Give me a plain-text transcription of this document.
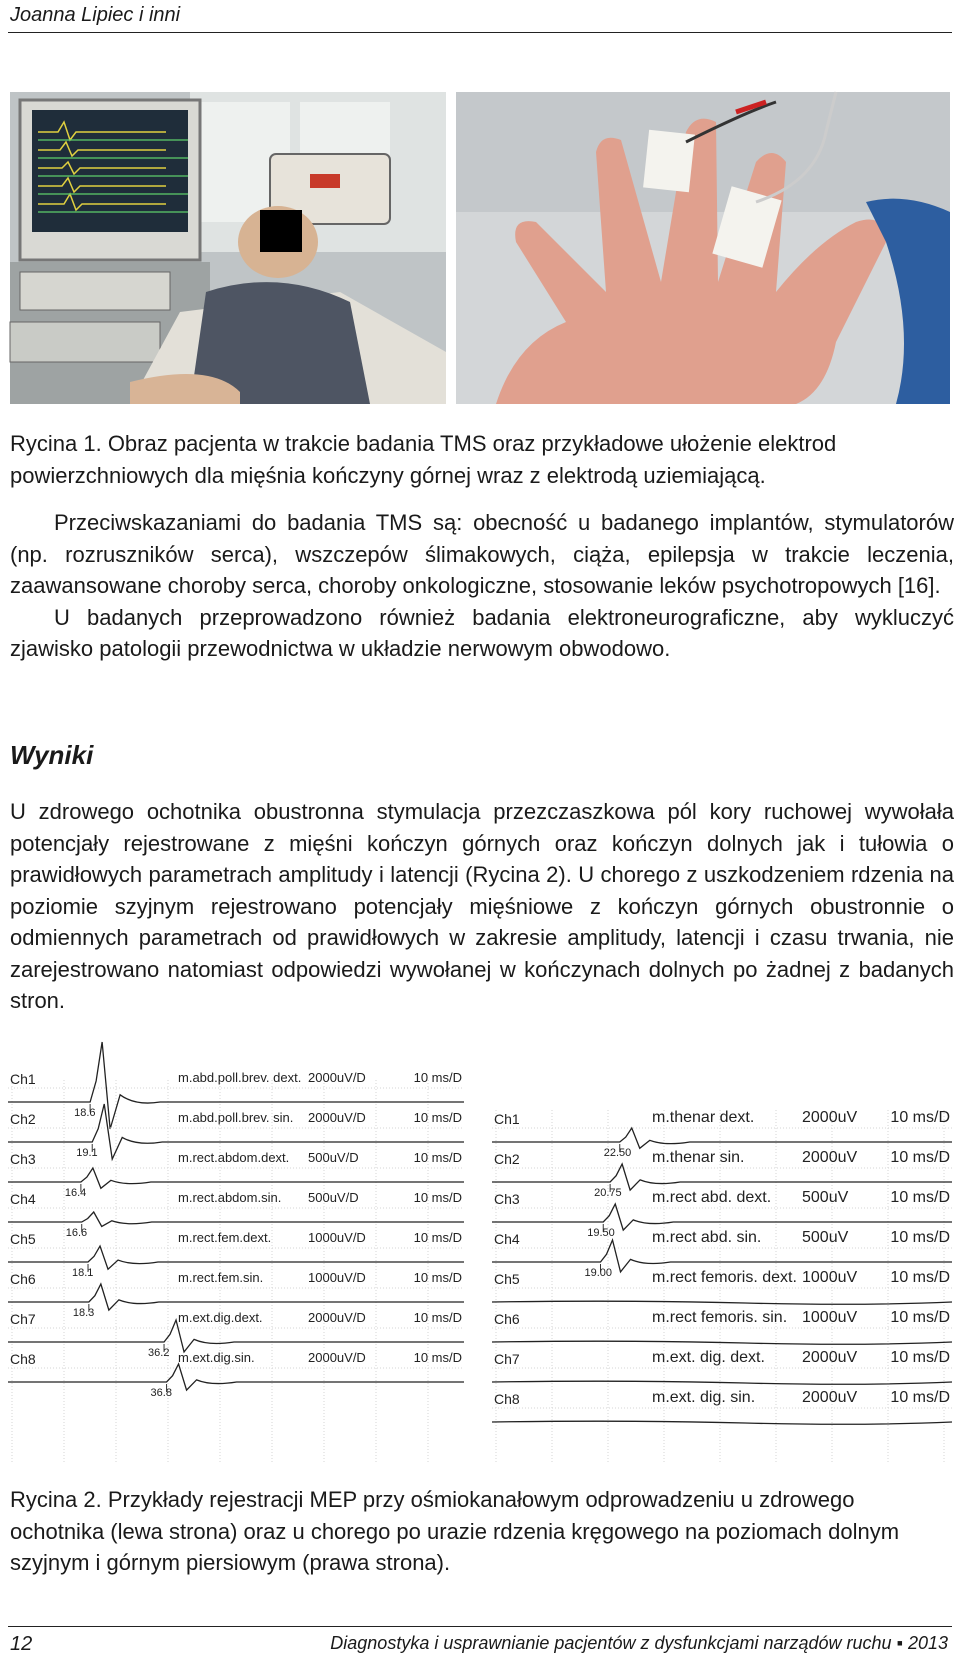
Joanna Lipiec i inni
Rycina 1. Obraz pacjenta w trakcie badania TMS oraz przykładowe ułożenie elektrod powierzchniowych dla mięśnia kończyny górnej wraz z elektrodą uziemiającą.

Przeciwskazaniami do badania TMS są: obecność u badanego implantów, stymulatorów (np. rozruszników serca), wszczepów ślimakowych, ciąża, epilepsja w trakcie leczenia, zaawansowane choroby serca, choroby onkologiczne, stosowanie leków psychotropowych [16].

U badanych przeprowadzono również badania elektroneurograficzne, aby wykluczyć zjawisko patologii przewodnictwa w układzie nerwowym obwodowo.

Wyniki

U zdrowego ochotnika obustronna stymulacja przezczaszkowa pól kory ruchowej wywołała potencjały rejestrowane z mięśni kończyn górnych oraz kończyn dolnych jak i tułowia o prawidłowych parametrach amplitudy i latencji (Rycina 2). U chorego z uszkodzeniem rdzenia na poziomie szyjnym rejestrowano potencjały mięśniowe z kończyn górnych obustronnie o odmiennych parametrach od prawidłowych w zakresie amplitudy, latencji i czasu trwania, nie zarejestrowano natomiast odpowiedzi wywołanej w kończynach dolnych po żadnej z badanych stron.

Ch1	m.abd.poll.brev. dext. 2000uV/D	10 ms/D
18.6
Ch2	m.abd.poll.brev. sin. 2000uV/D	10 ms/D
19.1
Ch3	m.rect.abdom.dext. 500uV/D	10 ms/D
16.4
Ch4	m.rect.abdom.sin. 500uV/D	10 ms/D
16.6
Ch5	m.rect.fem.dext.	1000uV/D	10 ms/D
18.1
Ch6	m.rect.fem.sin.	1000uV/D	10 ms/D
18.3
Ch7	m.ext.dig.dext.	2000uV/D	10 ms/D
36.2
Ch8	m.ext.dig.sin.	2000uV/D	10 ms/D
36.8
Ch1	m.thenar dext.	2000uV 10 ms/D
22.50
Ch2	m.thenar sin.	2000uV 10 ms/D
20.75
Ch3	m.rect abd. dext. 500uV	10 ms/D
19.50
Ch4	m.rect abd. sin.	500uV	10 ms/D
19.00
Ch5	m.rect femoris. dext. 1000uV 10 ms/D
Ch6	m.rect femoris. sin. 1000uV 10 ms/D
Ch7	m.ext. dig. dext. 2000uV 10 ms/D
Ch8	m.ext. dig. sin.	2000uV 10 ms/D
Rycina 2. Przykłady rejestracji MEP przy ośmiokanałowym odprowadzeniu u zdrowego ochotnika (lewa strona) oraz u chorego po urazie rdzenia kręgowego na poziomach dolnym szyjnym i górnym piersiowym (prawa strona).
12	Diagnostyka i usprawnianie pacjentów z dysfunkcjami narządów ruchu ▪ 2013
